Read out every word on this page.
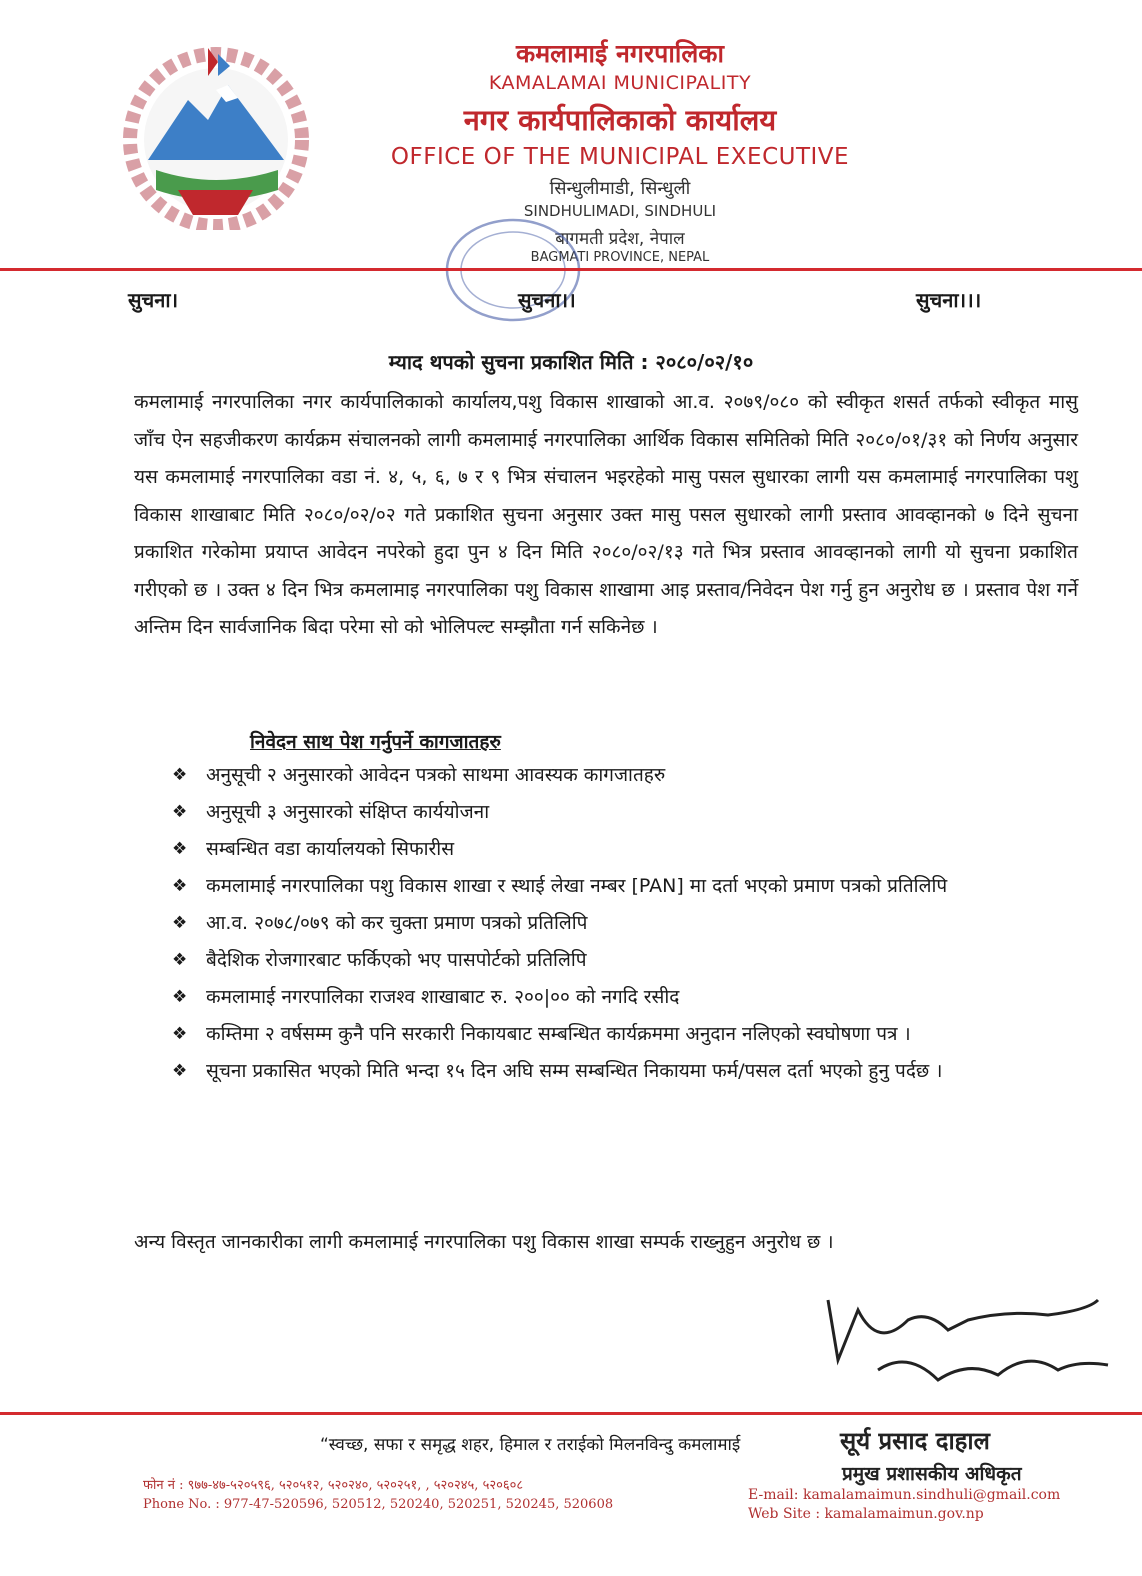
कमलामाई नगरपालिका
KAMALAMAI MUNICIPALITY
नगर कार्यपालिकाको कार्यालय
OFFICE OF THE MUNICIPAL EXECUTIVE
सिन्धुलीमाडी, सिन्धुली
SINDHULIMADI, SINDHULI
बागमती प्रदेश, नेपाल
BAGMATI PROVINCE, NEPAL
सुचना।	सुचना।।	सुचना।।।
म्याद थपको सुचना प्रकाशित मिति : २०८०/०२/१०
कमलामाई नगरपालिका नगर कार्यपालिकाको कार्यालय,पशु विकास शाखाको आ.व. २०७९/०८० को स्वीकृत शसर्त तर्फको स्वीकृत मासु जाँच ऐन सहजीकरण कार्यक्रम संचालनको लागी कमलामाई नगरपालिका आर्थिक विकास समितिको मिति २०८०/०१/३१ को निर्णय अनुसार यस कमलामाई नगरपालिका वडा नं. ४, ५, ६, ७ र ९ भित्र संचालन भइरहेको मासु पसल सुधारका लागी यस कमलामाई नगरपालिका पशु विकास शाखाबाट मिति २०८०/०२/०२ गते प्रकाशित सुचना अनुसार उक्त मासु पसल सुधारको लागी प्रस्ताव आवव्हानको ७ दिने सुचना प्रकाशित गरेकोमा प्रयाप्त आवेदन नपरेको हुदा पुन ४ दिन मिति २०८०/०२/१३ गते भित्र प्रस्ताव आवव्हानको लागी यो सुचना प्रकाशित गरीएको छ । उक्त ४ दिन भित्र कमलामाइ नगरपालिका पशु विकास शाखामा आइ प्रस्ताव/निवेदन पेश गर्नु हुन अनुरोध छ । प्रस्ताव पेश गर्ने अन्तिम दिन सार्वजानिक बिदा परेमा सो को भोलिपल्ट सम्झौता गर्न सकिनेछ ।
निवेदन साथ पेश गर्नुपर्ने कागजातहरु
❖ अनुसूची २ अनुसारको आवेदन पत्रको साथमा आवस्यक कागजातहरु
❖ अनुसूची ३ अनुसारको संक्षिप्त कार्ययोजना
❖ सम्बन्धित वडा कार्यालयको सिफारीस
❖ कमलामाई नगरपालिका पशु विकास शाखा र स्थाई लेखा नम्बर [PAN] मा दर्ता भएको प्रमाण पत्रको प्रतिलिपि
❖ आ.व. २०७८/०७९ को कर चुक्ता प्रमाण पत्रको प्रतिलिपि
❖ बैदेशिक रोजगारबाट फर्किएको भए पासपोर्टको प्रतिलिपि
❖ कमलामाई नगरपालिका राजश्व शाखाबाट रु. २००|०० को नगदि रसीद
❖ कम्तिमा २ वर्षसम्म कुनै पनि सरकारी निकायबाट सम्बन्धित कार्यक्रममा अनुदान नलिएको स्वघोषणा पत्र ।
❖ सूचना प्रकासित भएको मिति भन्दा १५ दिन अघि सम्म सम्बन्धित निकायमा फर्म/पसल दर्ता भएको हुनु पर्दछ ।
अन्य विस्तृत जानकारीका लागी कमलामाई नगरपालिका पशु विकास शाखा सम्पर्क राख्नुहुन अनुरोध छ ।
“स्वच्छ, सफा र समृद्ध शहर, हिमाल र तराईको मिलनविन्दु कमलामाई	सूर्य प्रसाद दाहाल
प्रमुख प्रशासकीय अधिकृत
फोन नं : ९७७-४७-५२०५९६, ५२०५१२, ५२०२४०, ५२०२५१, , ५२०२४५, ५२०६०८
Phone No. : 977-47-520596, 520512, 520240, 520251, 520245, 520608
E-mail: kamalamaimun.sindhuli@gmail.com
Web Site : kamalamaimun.gov.np
